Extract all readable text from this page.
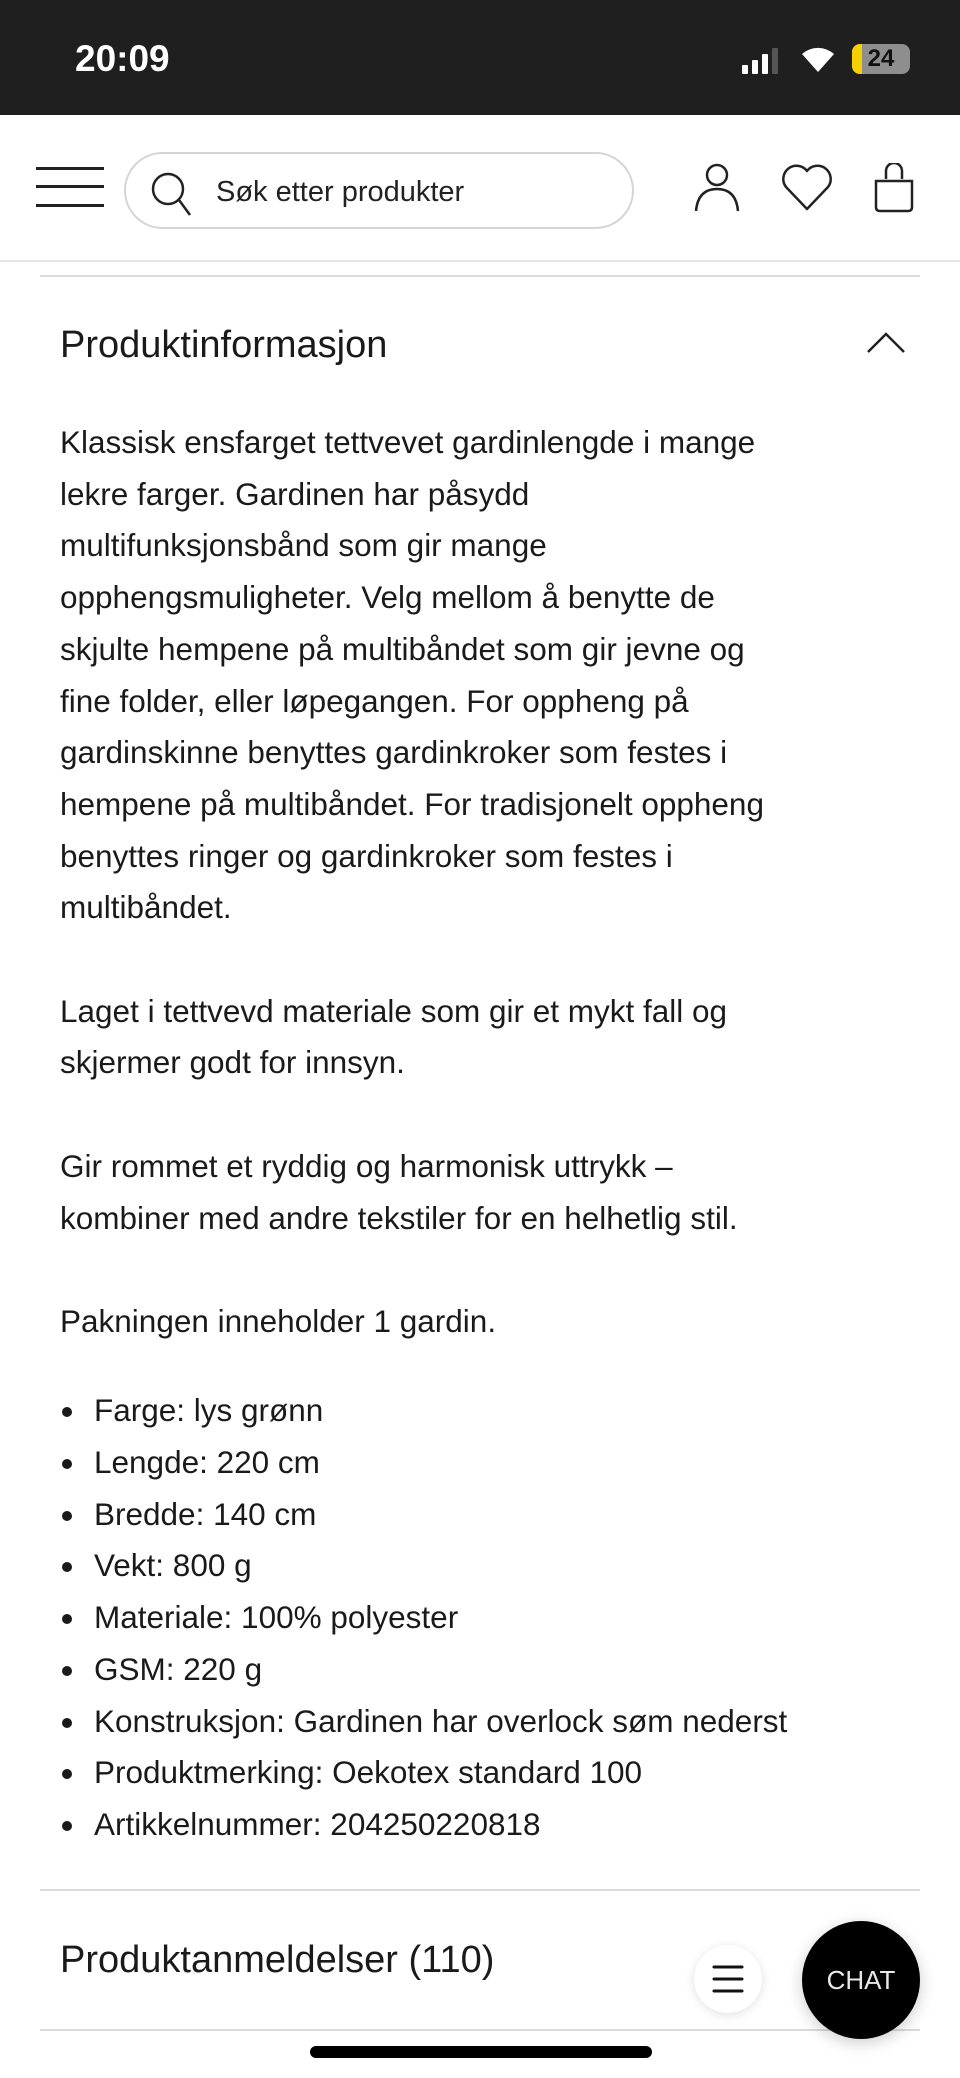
20:09	24
Søk etter produkter
Produktinformasjon

Klassisk ensfarget tettvevet gardinlengde i mange
lekre farger. Gardinen har påsydd
multifunksjonsbånd som gir mange
opphengsmuligheter. Velg mellom å benytte de
skjulte hempene på multibåndet som gir jevne og
fine folder, eller løpegangen. For oppheng på
gardinskinne benyttes gardinkroker som festes i
hempene på multibåndet. For tradisjonelt oppheng
benyttes ringer og gardinkroker som festes i
multibåndet.

Laget i tettvevd materiale som gir et mykt fall og
skjermer godt for innsyn.

Gir rommet et ryddig og harmonisk uttrykk –
kombiner med andre tekstiler for en helhetlig stil.

Pakningen inneholder 1 gardin.

Farge: lys grønn
Lengde: 220 cm
Bredde: 140 cm
Vekt: 800 g
Materiale: 100% polyester
GSM: 220 g
Konstruksjon: Gardinen har overlock søm nederst
Produktmerking: Oekotex standard 100
Artikkelnummer: 204250220818
Produktanmeldelser (110)	CHAT
